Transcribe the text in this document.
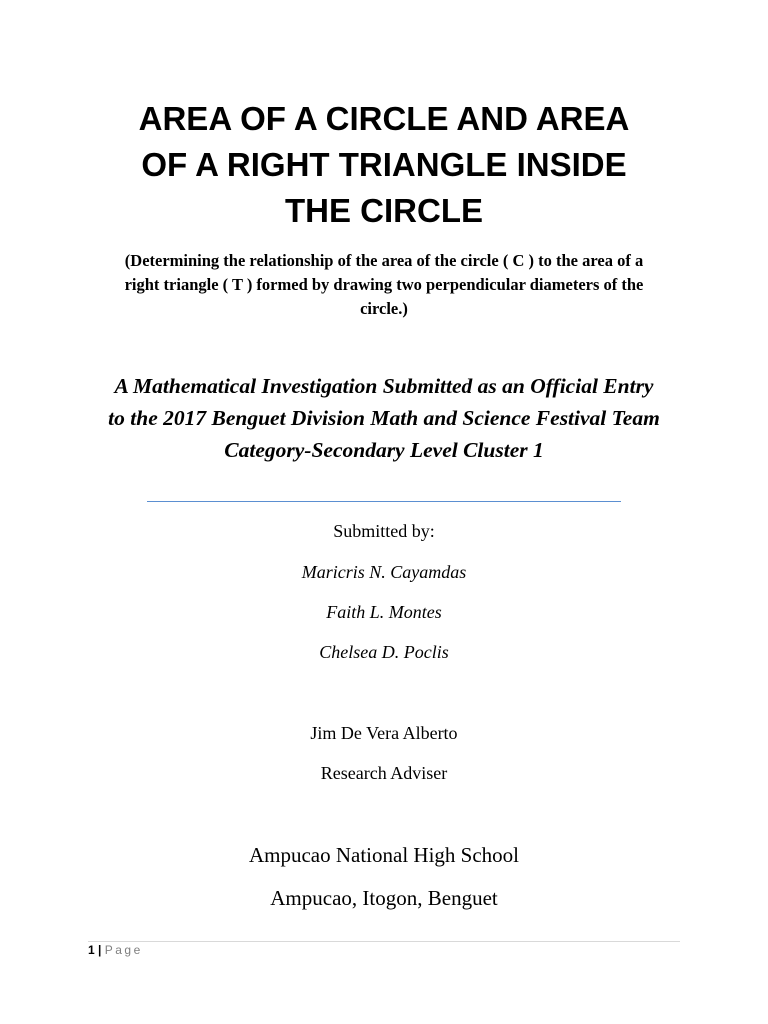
AREA OF A CIRCLE AND AREA
OF A RIGHT TRIANGLE INSIDE
THE CIRCLE

(Determining the relationship of the area of the circle ( C ) to the area of a
right triangle ( T ) formed by drawing two perpendicular diameters of the
circle.)

A Mathematical Investigation Submitted as an Official Entry
to the 2017 Benguet Division Math and Science Festival Team
Category-Secondary Level Cluster 1

Submitted by:

Maricris N. Cayamdas

Faith L. Montes

Chelsea D. Poclis

Jim De Vera Alberto

Research Adviser

Ampucao National High School

Ampucao, Itogon, Benguet

1 | Page
